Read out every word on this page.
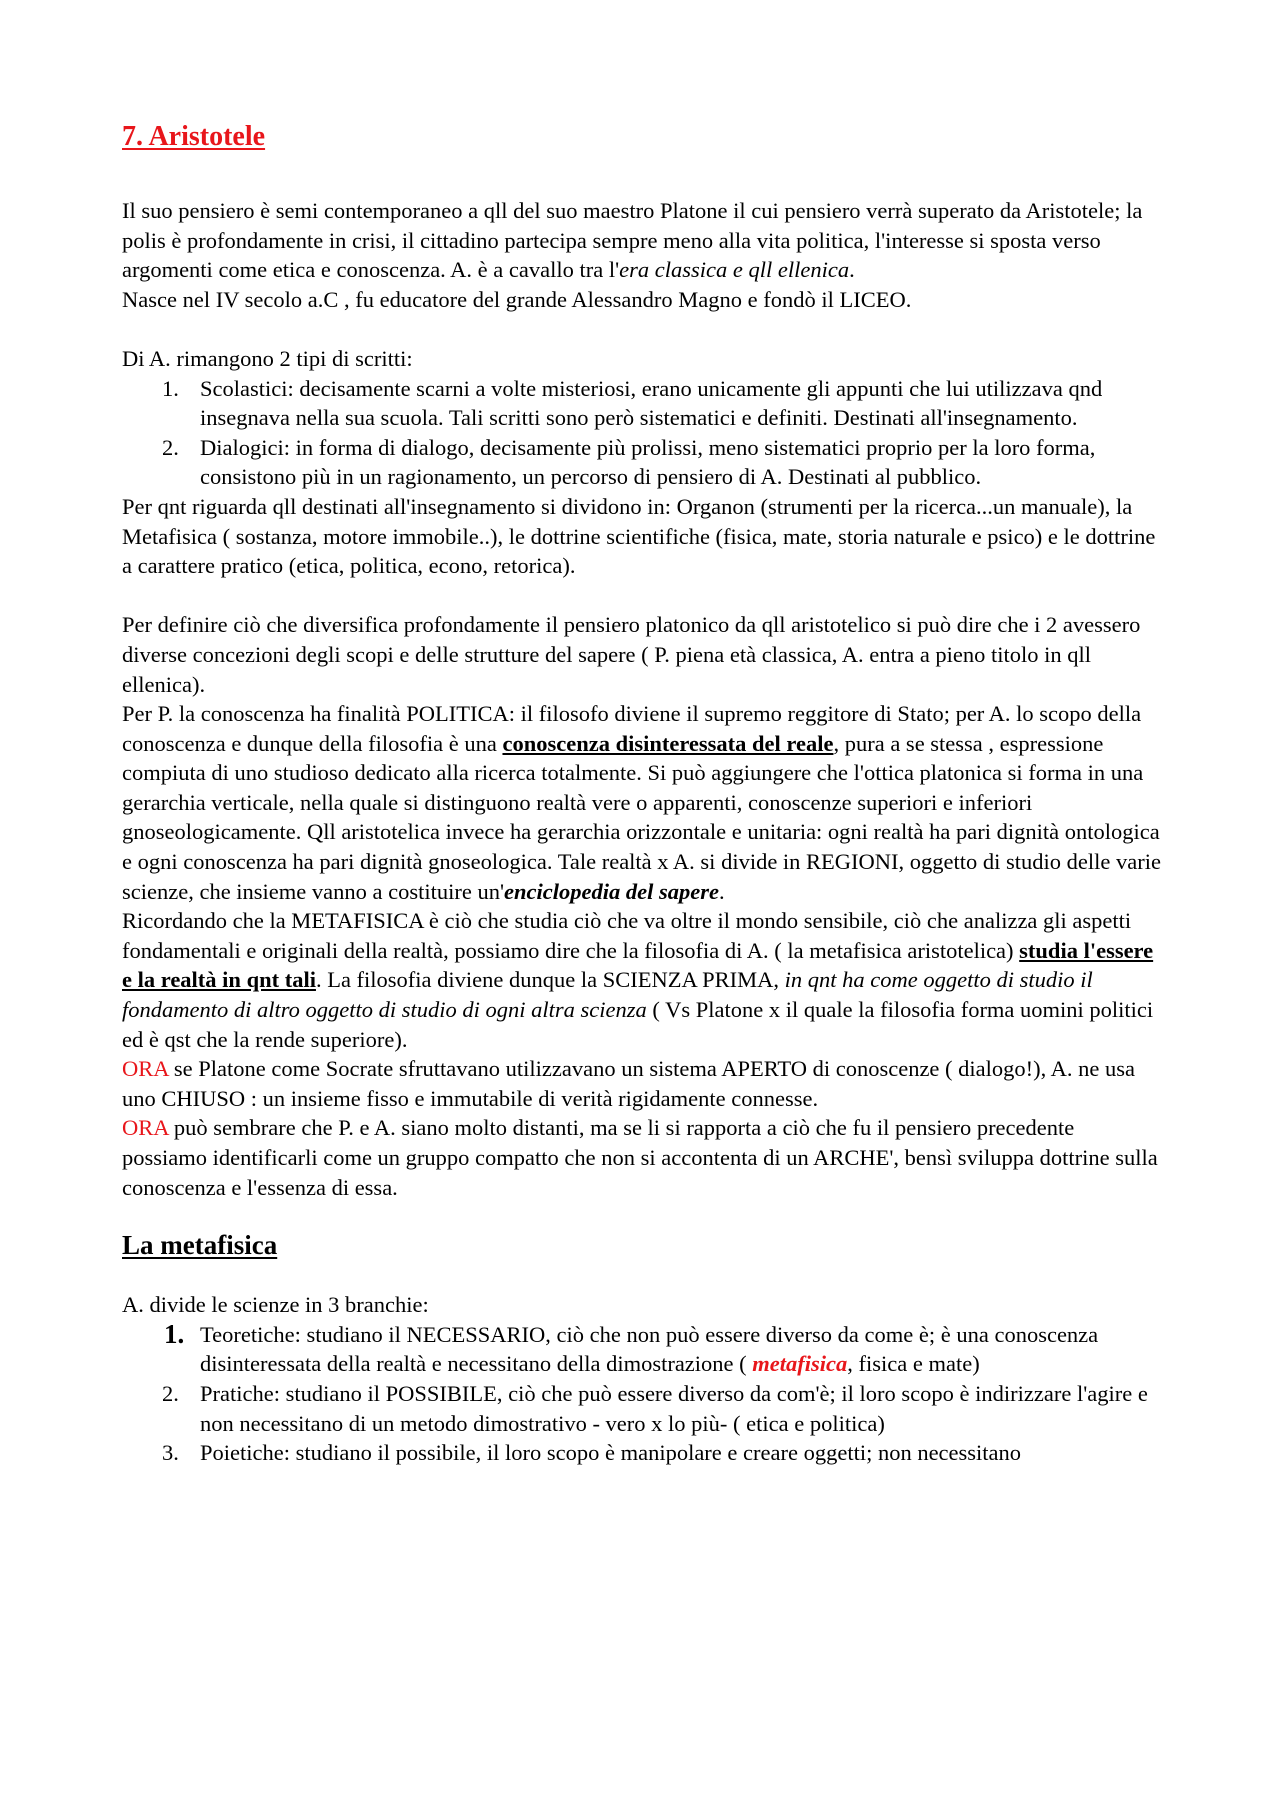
7. Aristotele

Il suo pensiero è semi contemporaneo a qll del suo maestro Platone il cui pensiero verrà superato da Aristotele; la polis è profondamente in crisi, il cittadino partecipa sempre meno alla vita politica, l'interesse si sposta verso argomenti come etica e conoscenza. A. è a cavallo tra l'era classica e qll ellenica.

Nasce nel IV secolo a.C , fu educatore del grande Alessandro Magno e fondò il LICEO.

Di A. rimangono 2 tipi di scritti:

1. Scolastici: decisamente scarni a volte misteriosi, erano unicamente gli appunti che lui utilizzava qnd insegnava nella sua scuola. Tali scritti sono però sistematici e definiti. Destinati all'insegnamento.
2. Dialogici: in forma di dialogo, decisamente più prolissi, meno sistematici proprio per la loro forma, consistono più in un ragionamento, un percorso di pensiero di A. Destinati al pubblico.

Per qnt riguarda qll destinati all'insegnamento si dividono in: Organon (strumenti per la ricerca...un manuale), la Metafisica ( sostanza, motore immobile..), le dottrine scientifiche (fisica, mate, storia naturale e psico) e le dottrine a carattere pratico (etica, politica, econo, retorica).

Per definire ciò che diversifica profondamente il pensiero platonico da qll aristotelico si può dire che i 2 avessero diverse concezioni degli scopi e delle strutture del sapere ( P. piena età classica, A. entra a pieno titolo in qll ellenica).

Per P. la conoscenza ha finalità POLITICA: il filosofo diviene il supremo reggitore di Stato; per A. lo scopo della conoscenza e dunque della filosofia è una conoscenza disinteressata del reale, pura a se stessa , espressione compiuta di uno studioso dedicato alla ricerca totalmente. Si può aggiungere che l'ottica platonica si forma in una gerarchia verticale, nella quale si distinguono realtà vere o apparenti, conoscenze superiori e inferiori gnoseologicamente. Qll aristotelica invece ha gerarchia orizzontale e unitaria: ogni realtà ha pari dignità ontologica e ogni conoscenza ha pari dignità gnoseologica. Tale realtà x A. si divide in REGIONI, oggetto di studio delle varie scienze, che insieme vanno a costituire un'enciclopedia del sapere.

Ricordando che la METAFISICA è ciò che studia ciò che va oltre il mondo sensibile, ciò che analizza gli aspetti fondamentali e originali della realtà, possiamo dire che la filosofia di A. ( la metafisica aristotelica) studia l'essere e la realtà in qnt tali. La filosofia diviene dunque la SCIENZA PRIMA, in qnt ha come oggetto di studio il fondamento di altro oggetto di studio di ogni altra scienza ( Vs Platone x il quale la filosofia forma uomini politici ed è qst che la rende superiore).

ORA se Platone come Socrate sfruttavano utilizzavano un sistema APERTO di conoscenze ( dialogo!), A. ne usa uno CHIUSO : un insieme fisso e immutabile di verità rigidamente connesse.

ORA può sembrare che P. e A. siano molto distanti, ma se li si rapporta a ciò che fu il pensiero precedente possiamo identificarli come un gruppo compatto che non si accontenta di un ARCHE', bensì sviluppa dottrine sulla conoscenza e l'essenza di essa.

La metafisica

A. divide le scienze in 3 branchie:

1. Teoretiche: studiano il NECESSARIO, ciò che non può essere diverso da come è; è una conoscenza disinteressata della realtà e necessitano della dimostrazione ( metafisica, fisica e mate)
2. Pratiche: studiano il POSSIBILE, ciò che può essere diverso da com'è; il loro scopo è indirizzare l'agire e non necessitano di un metodo dimostrativo - vero x lo più- ( etica e politica)
3. Poietiche: studiano il possibile, il loro scopo è manipolare e creare oggetti; non necessitano
